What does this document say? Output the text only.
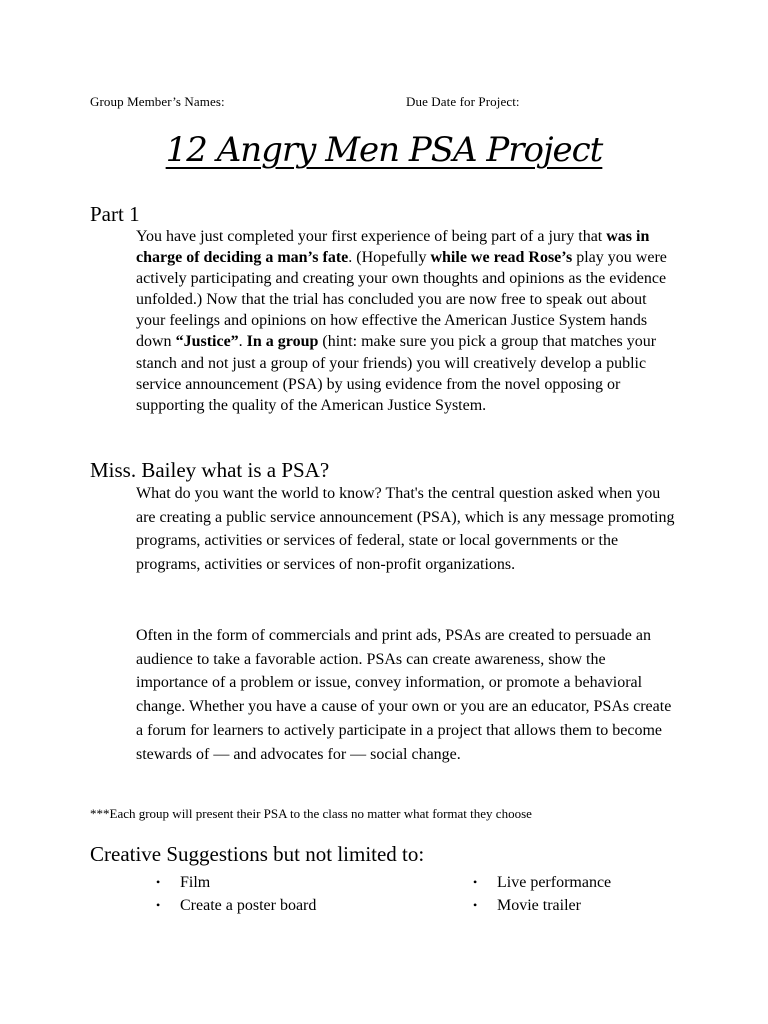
Group Member’s Names:	Due Date for Project:
12 Angry Men PSA Project
Part 1
You have just completed your first experience of being part of a jury that was in charge of deciding a man’s fate. (Hopefully while we read Rose’s play you were actively participating and creating your own thoughts and opinions as the evidence unfolded.) Now that the trial has concluded you are now free to speak out about your feelings and opinions on how effective the American Justice System hands down “Justice”. In a group (hint: make sure you pick a group that matches your stanch and not just a group of your friends) you will creatively develop a public service announcement (PSA) by using evidence from the novel opposing or supporting the quality of the American Justice System.
Miss. Bailey what is a PSA?
What do you want the world to know? That's the central question asked when you are creating a public service announcement (PSA), which is any message promoting programs, activities or services of federal, state or local governments or the programs, activities or services of non-profit organizations.
Often in the form of commercials and print ads, PSAs are created to persuade an audience to take a favorable action. PSAs can create awareness, show the importance of a problem or issue, convey information, or promote a behavioral change. Whether you have a cause of your own or you are an educator, PSAs create a forum for learners to actively participate in a project that allows them to become stewards of — and advocates for — social change.
***Each group will present their PSA to the class no matter what format they choose
Creative Suggestions but not limited to:
• Film
• Create a poster board
• Live performance
• Movie trailer
